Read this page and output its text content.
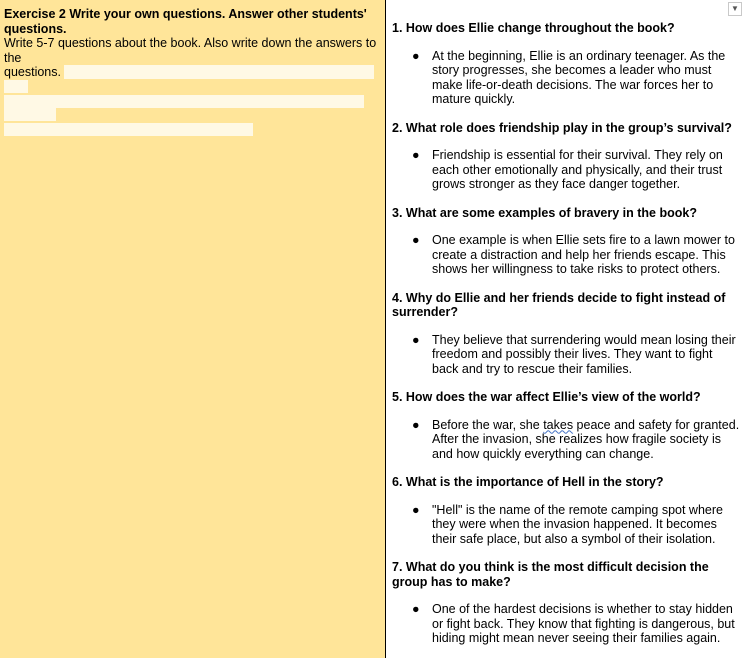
Exercise 2 Write your own questions. Answer other students' questions.
Write 5-7 questions about the book. Also write down the answers to the
questions.
▼

1. How does Ellie change throughout the book?

● At the beginning, Ellie is an ordinary teenager. As the story progresses, she becomes a leader who must make life-or-death decisions. The war forces her to mature quickly.

2. What role does friendship play in the group’s survival?

● Friendship is essential for their survival. They rely on each other emotionally and physically, and their trust grows stronger as they face danger together.

3. What are some examples of bravery in the book?

● One example is when Ellie sets fire to a lawn mower to create a distraction and help her friends escape. This shows her willingness to take risks to protect others.

4. Why do Ellie and her friends decide to fight instead of surrender?

● They believe that surrendering would mean losing their freedom and possibly their lives. They want to fight back and try to rescue their families.

5. How does the war affect Ellie’s view of the world?

● Before the war, she takes peace and safety for granted. After the invasion, she realizes how fragile society is and how quickly everything can change.

6. What is the importance of Hell in the story?

● "Hell" is the name of the remote camping spot where they were when the invasion happened. It becomes their safe place, but also a symbol of their isolation.

7. What do you think is the most difficult decision the group has to make?

● One of the hardest decisions is whether to stay hidden or fight back. They know that fighting is dangerous, but hiding might mean never seeing their families again.
